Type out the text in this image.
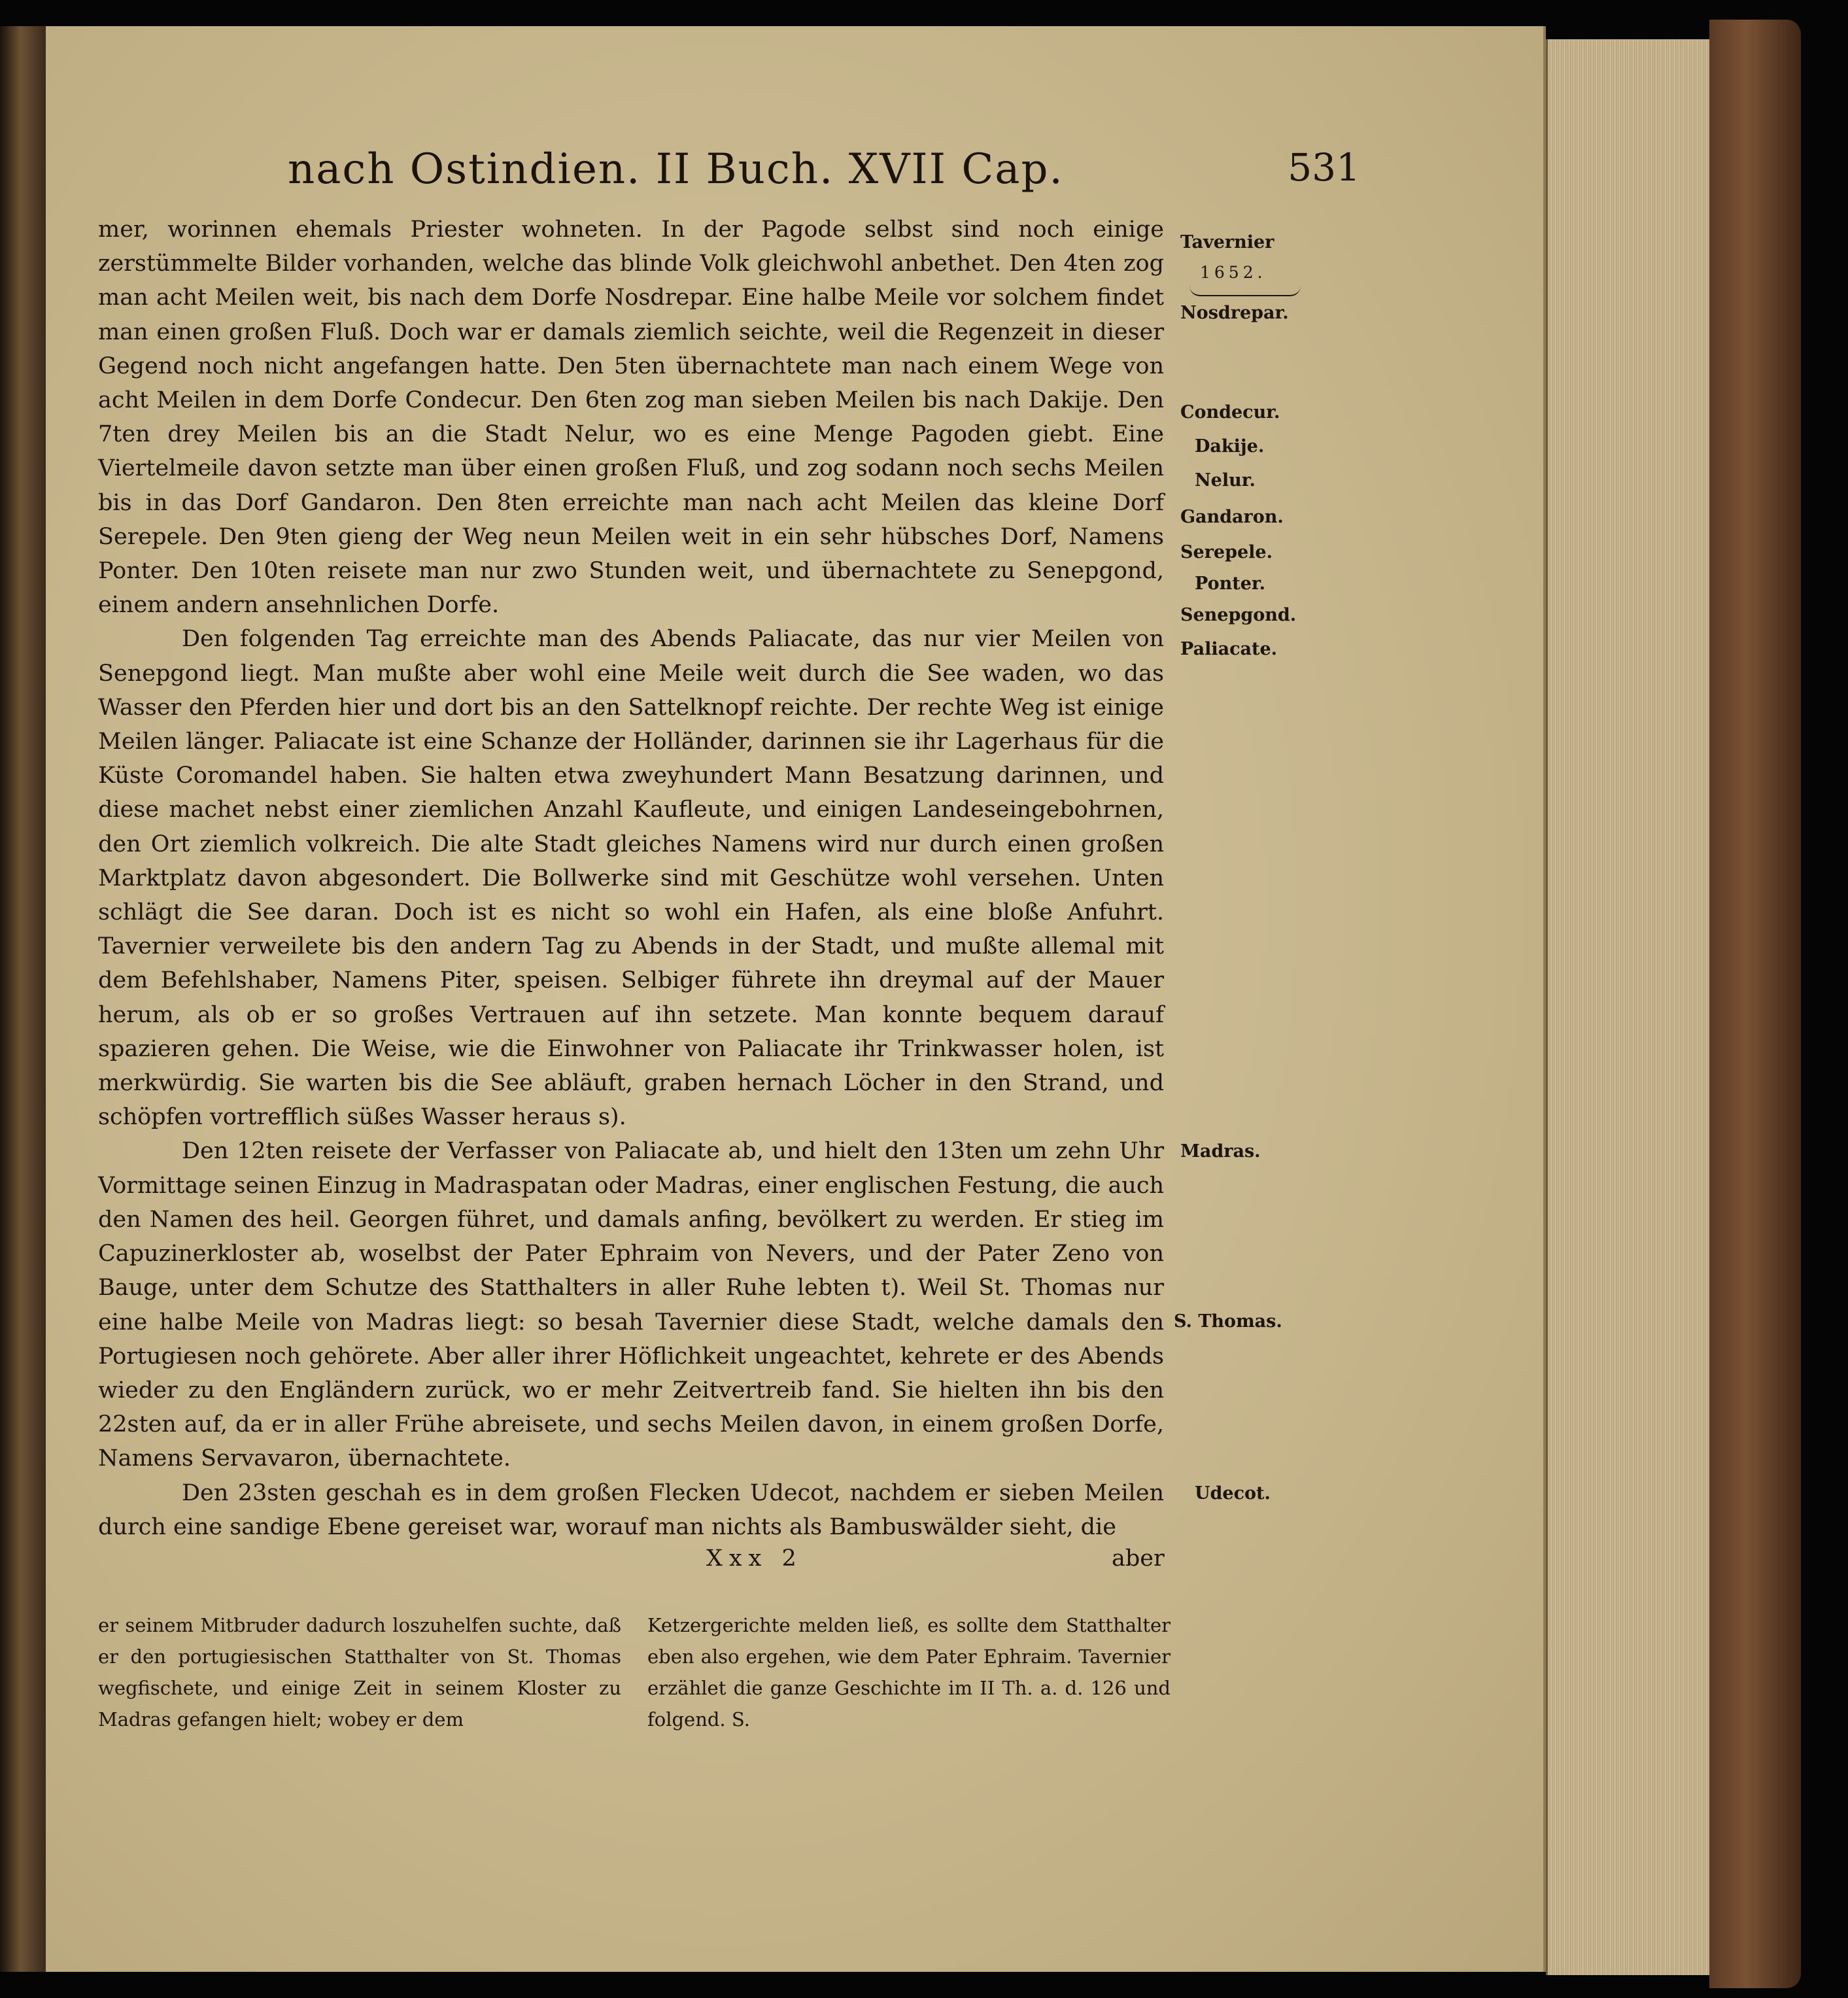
nach Ostindien. II Buch. XVII Cap.	531

mer, worinnen ehemals Priester wohneten. In der Pagode selbst sind noch einige zerstümmelte Bilder vorhanden, welche das blinde Volk gleichwohl anbethet. Den 4ten zog man acht Meilen weit, bis nach dem Dorfe Nosdrepar. Eine halbe Meile vor solchem findet man einen großen Fluß. Doch war er damals ziemlich seichte, weil die Regenzeit in dieser Gegend noch nicht angefangen hatte. Den 5ten übernachtete man nach einem Wege von acht Meilen in dem Dorfe Condecur. Den 6ten zog man sieben Meilen bis nach Dakije. Den 7ten drey Meilen bis an die Stadt Nelur, wo es eine Menge Pagoden giebt. Eine Viertelmeile davon setzte man über einen großen Fluß, und zog sodann noch sechs Meilen bis in das Dorf Gandaron. Den 8ten erreichte man nach acht Meilen das kleine Dorf Serepele. Den 9ten gieng der Weg neun Meilen weit in ein sehr hübsches Dorf, Namens Ponter. Den 10ten reisete man nur zwo Stunden weit, und übernachtete zu Senepgond, einem andern ansehnlichen Dorfe.

Den folgenden Tag erreichte man des Abends Paliacate, das nur vier Meilen von Senepgond liegt. Man mußte aber wohl eine Meile weit durch die See waden, wo das Wasser den Pferden hier und dort bis an den Sattelknopf reichte. Der rechte Weg ist einige Meilen länger. Paliacate ist eine Schanze der Holländer, darinnen sie ihr Lagerhaus für die Küste Coromandel haben. Sie halten etwa zweyhundert Mann Besatzung darinnen, und diese machet nebst einer ziemlichen Anzahl Kaufleute, und einigen Landeseingebohrnen, den Ort ziemlich volkreich. Die alte Stadt gleiches Namens wird nur durch einen großen Marktplatz davon abgesondert. Die Bollwerke sind mit Geschütze wohl versehen. Unten schlägt die See daran. Doch ist es nicht so wohl ein Hafen, als eine bloße Anfuhrt. Tavernier verweilete bis den andern Tag zu Abends in der Stadt, und mußte allemal mit dem Befehlshaber, Namens Piter, speisen. Selbiger führete ihn dreymal auf der Mauer herum, als ob er so großes Vertrauen auf ihn setzete. Man konnte bequem darauf spazieren gehen. Die Weise, wie die Einwohner von Paliacate ihr Trinkwasser holen, ist merkwürdig. Sie warten bis die See abläuft, graben hernach Löcher in den Strand, und schöpfen vortrefflich süßes Wasser heraus s).

Den 12ten reisete der Verfasser von Paliacate ab, und hielt den 13ten um zehn Uhr Vormittage seinen Einzug in Madraspatan oder Madras, einer englischen Festung, die auch den Namen des heil. Georgen führet, und damals anfing, bevölkert zu werden. Er stieg im Capuzinerkloster ab, woselbst der Pater Ephraim von Nevers, und der Pater Zeno von Bauge, unter dem Schutze des Statthalters in aller Ruhe lebten t). Weil St. Thomas nur eine halbe Meile von Madras liegt: so besah Tavernier diese Stadt, welche damals den Portugiesen noch gehörete. Aber aller ihrer Höflichkeit ungeachtet, kehrete er des Abends wieder zu den Engländern zurück, wo er mehr Zeitvertreib fand. Sie hielten ihn bis den 22sten auf, da er in aller Frühe abreisete, und sechs Meilen davon, in einem großen Dorfe, Namens Servavaron, übernachtete.

Den 23sten geschah es in dem großen Flecken Udecot, nachdem er sieben Meilen durch eine sandige Ebene gereiset war, worauf man nichts als Bambuswälder sieht, die

Tavernier
1652.
Nosdrepar.
Condecur.
Dakije.
Nelur.
Gandaron.
Serepele.
Ponter.
Senepgond.
Paliacate.
Madras.
S. Thomas.
Udecot.
Xxx 2	aber

er seinem Mitbruder dadurch loszuhelfen suchte, daß er den portugiesischen Statthalter von St. Thomas wegfischete, und einige Zeit in seinem Kloster zu Madras gefangen hielt; wobey er dem

Ketzergerichte melden ließ, es sollte dem Statthalter eben also ergehen, wie dem Pater Ephraim. Tavernier erzählet die ganze Geschichte im II Th. a. d. 126 und folgend. S.
